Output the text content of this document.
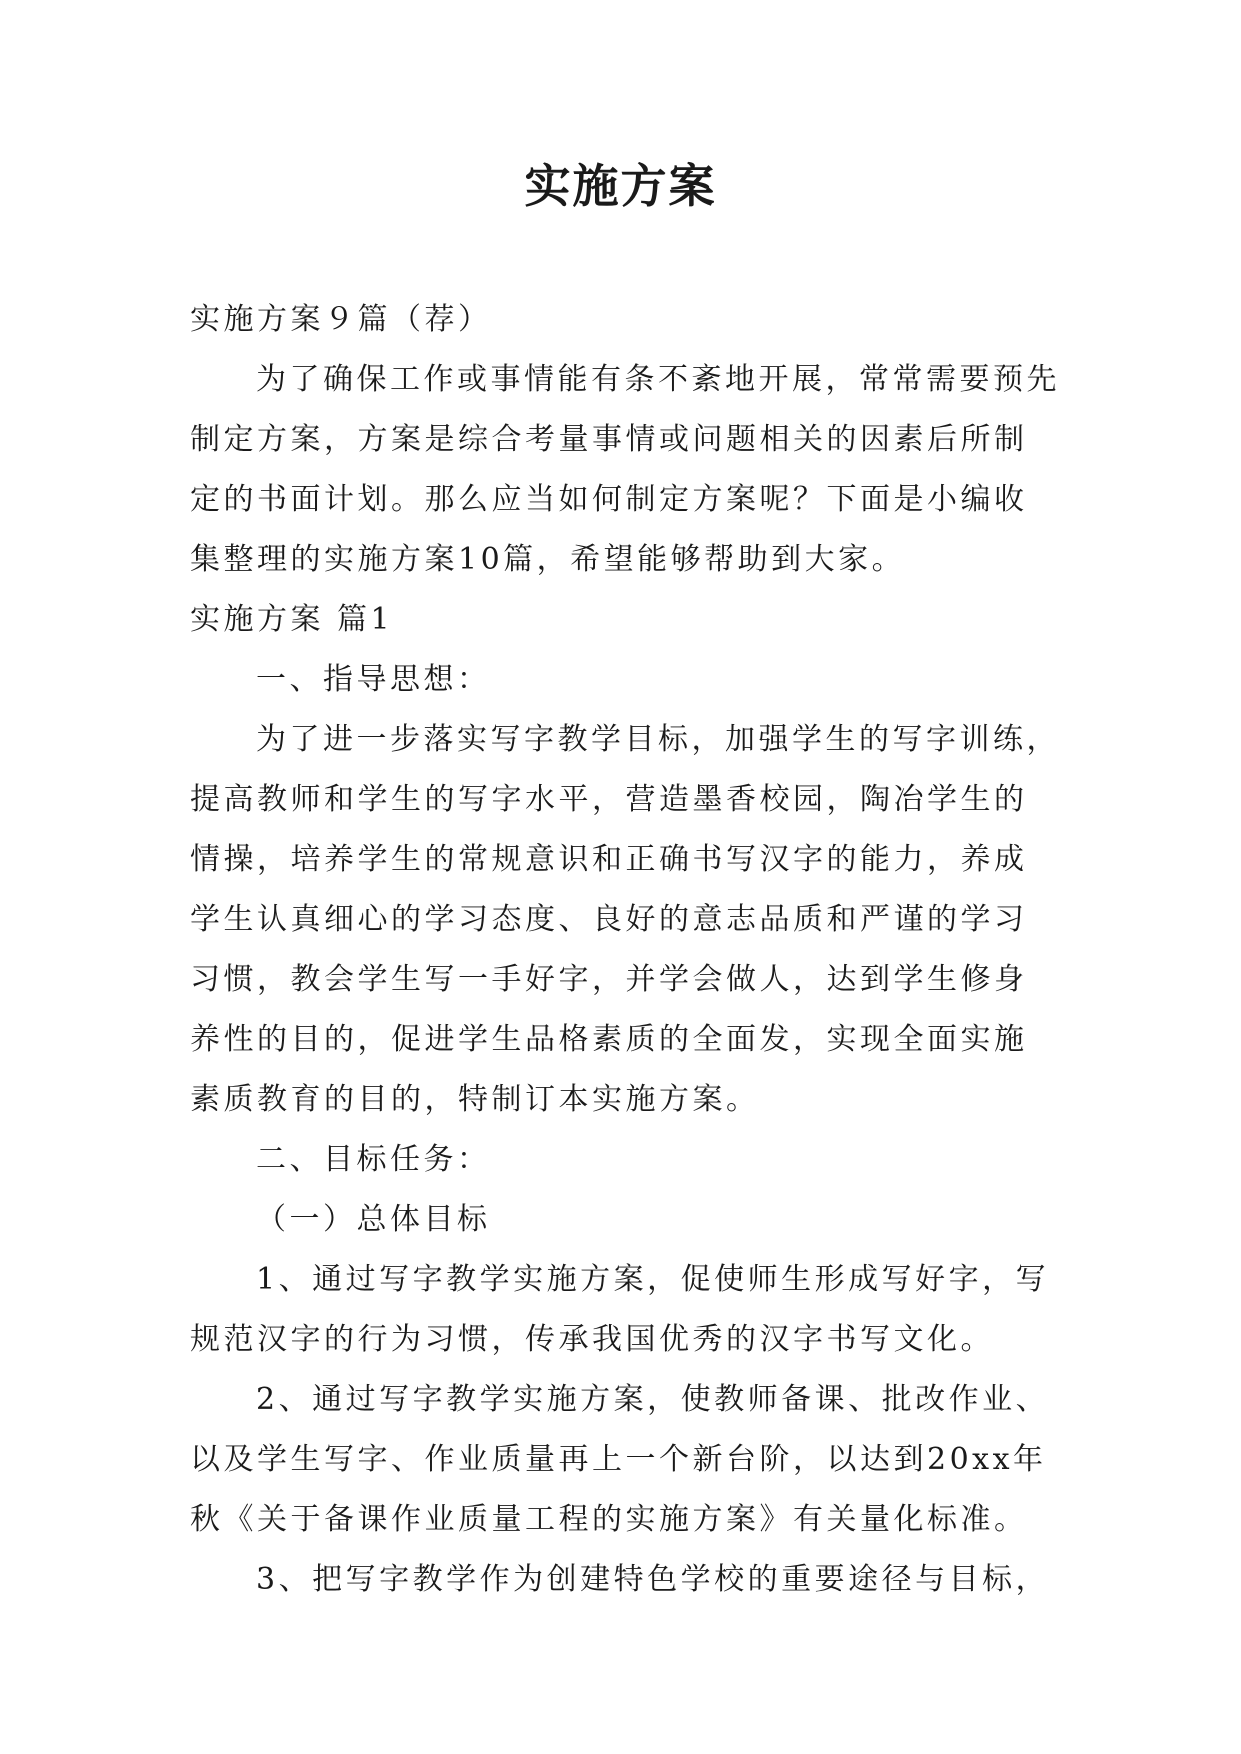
实施方案

实施方案９篇（荐）

为了确保工作或事情能有条不紊地开展，常常需要预先制定方案，方案是综合考量事情或问题相关的因素后所制定的书面计划。那么应当如何制定方案呢？下面是小编收集整理的实施方案10篇，希望能够帮助到大家。

实施方案 篇1

一、指导思想：

为了进一步落实写字教学目标，加强学生的写字训练，提高教师和学生的写字水平，营造墨香校园，陶冶学生的情操，培养学生的常规意识和正确书写汉字的能力，养成学生认真细心的学习态度、良好的意志品质和严谨的学习习惯，教会学生写一手好字，并学会做人，达到学生修身养性的目的，促进学生品格素质的全面发，实现全面实施素质教育的目的，特制订本实施方案。

二、目标任务：

（一）总体目标

1、通过写字教学实施方案，促使师生形成写好字，写规范汉字的行为习惯，传承我国优秀的汉字书写文化。

2、通过写字教学实施方案，使教师备课、批改作业、以及学生写字、作业质量再上一个新台阶，以达到20xx年秋《关于备课作业质量工程的实施方案》有关量化标准。

3、把写字教学作为创建特色学校的重要途径与目标，
